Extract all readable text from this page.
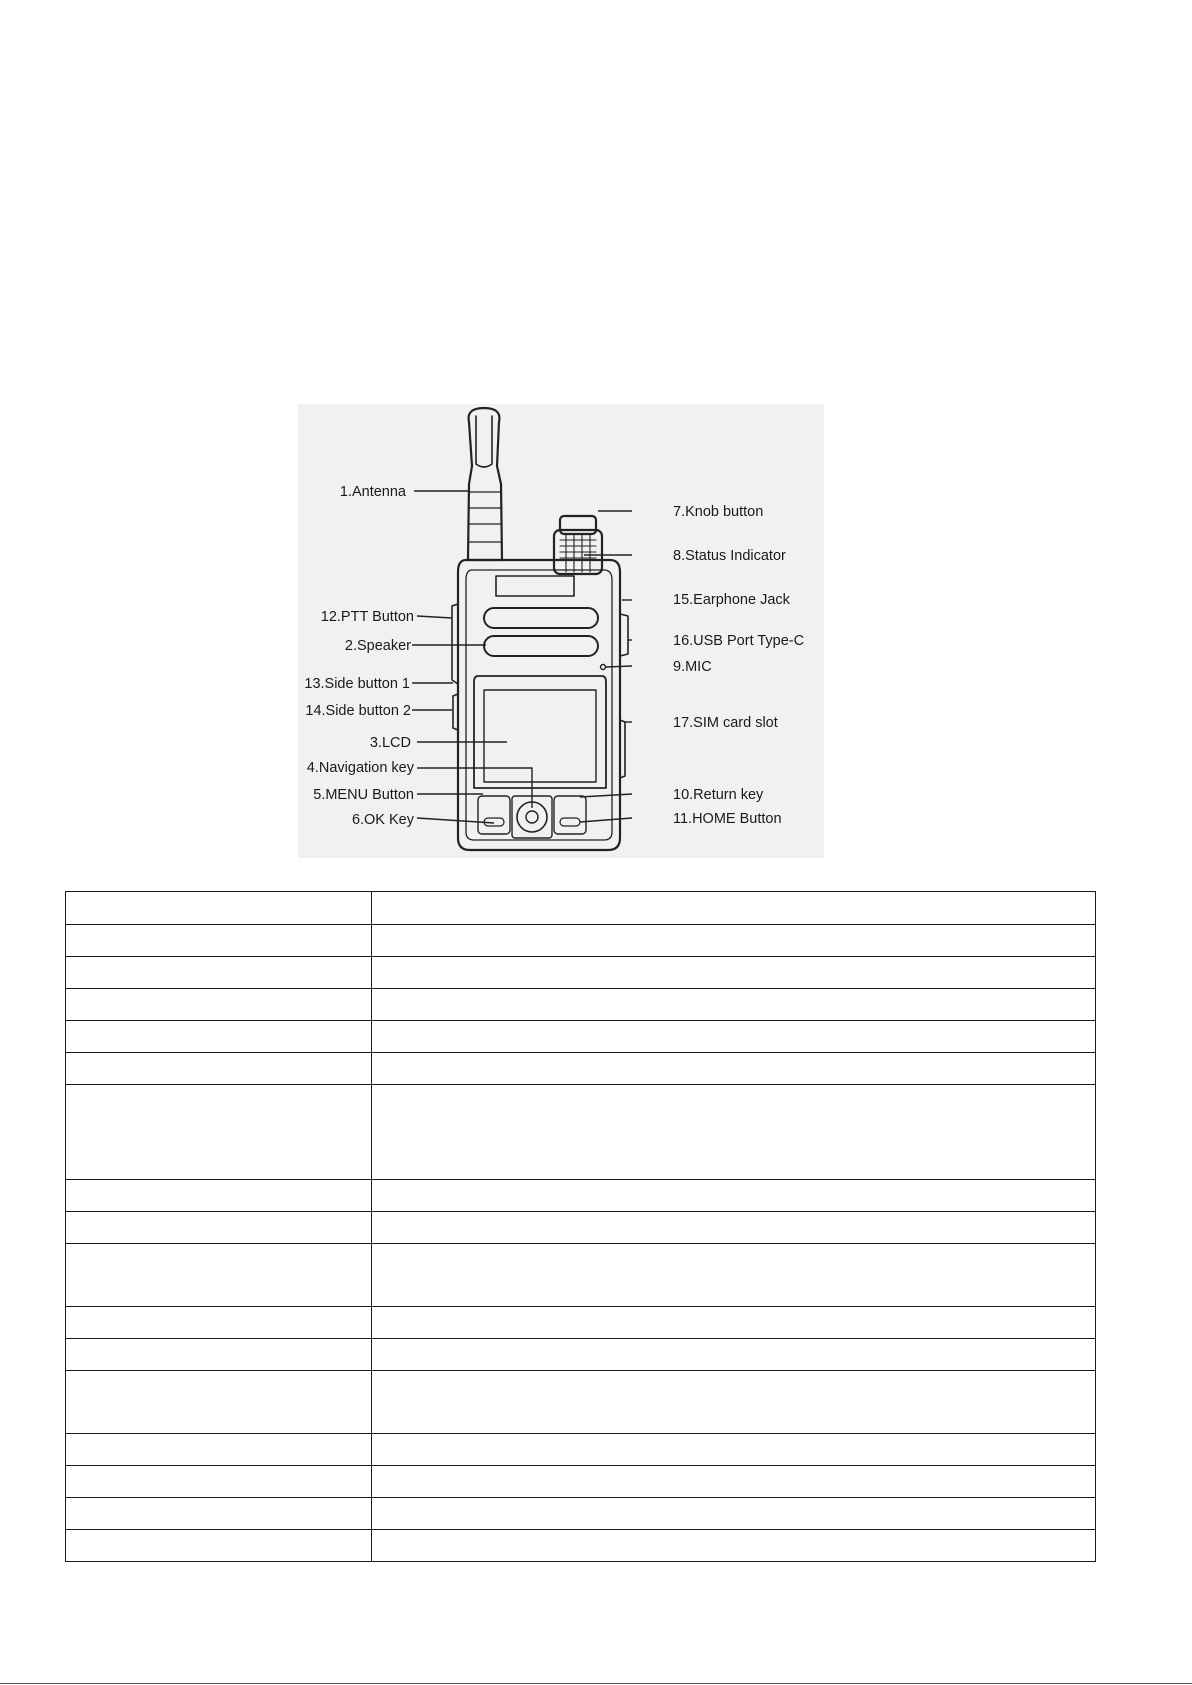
1.Antenna
12.PTT Button
2.Speaker
13.Side button 1
14.Side button 2
3.LCD
4.Navigation key
5.MENU Button
6.OK Key
7.Knob button
8.Status Indicator
15.Earphone Jack
16.USB Port Type-C
9.MIC
17.SIM card slot
10.Return key
11.HOME Button
